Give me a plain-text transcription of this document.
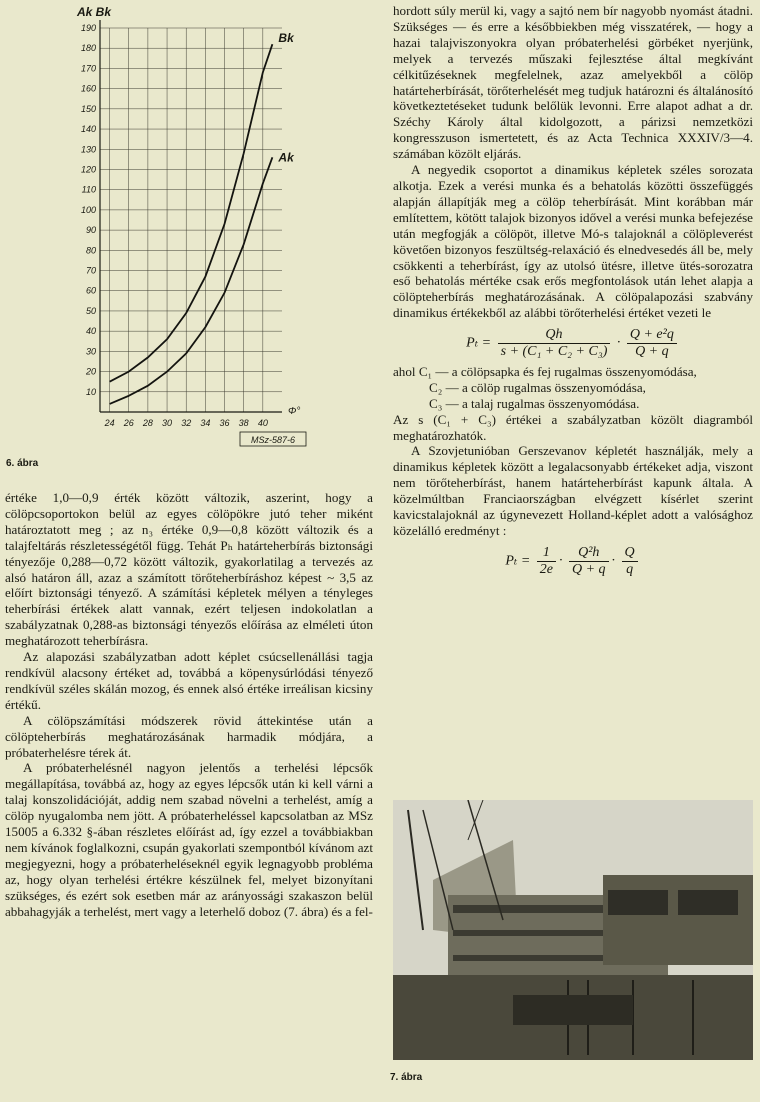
10
20
30
40
50
60
70
80
90
100
110
120
130
140
150
160
170
180
190
24 26 28 30 32 34 36 38 40
Ak Bk
Φ°
MSz-587-6
Bk
Ak
6. ábra

értéke 1,0—0,9 érték között változik, aszerint, hogy a cölöpcsoportokon belül az egyes cölöpökre jutó teher miként határoztatott meg ; az n₃ értéke 0,9—0,8 között változik és a talajfeltárás részletességétől függ. Tehát Pₕ határteherbírás biztonsági tényezője 0,288—0,72 között változik, gyakorlatilag a tervezés az alsó határon áll, azaz a számított törőteherbíráshoz képest ~ 3,5 az előírt biztonsági tényező. A számítási képletek mélyen a tényleges teherbírási értékek alatt vannak, ezért teljesen indokolatlan a szabályzatnak 0,288-as biztonsági tényezős előírása az elméleti úton meghatározott teherbírásra.

Az alapozási szabályzatban adott képlet csúcsellenállási tagja rendkívül alacsony értéket ad, továbbá a köpenysúrlódási tényező rendkívül széles skálán mozog, és ennek alsó értéke irreálisan kicsiny értékű.

A cölöpszámítási módszerek rövid áttekintése után a cölöpteherbírás meghatározásának harmadik módjára, a próbaterhelésre térek át.

A próbaterhelésnél nagyon jelentős a terhelési lépcsők megállapítása, továbbá az, hogy az egyes lépcsők után ki kell várni a talaj konszolidációját, addig nem szabad növelni a terhelést, amíg a cölöp nyugalomba nem jött. A próbaterheléssel kapcsolatban az MSz 15005 a 6.332 §-ában részletes előírást ad, így ezzel a továbbiakban nem kívánok foglalkozni, csupán gyakorlati szempontból kívánom azt megjegyezni, hogy a próbaterheléseknél egyik legnagyobb probléma az, hogy olyan terhelési értékre készülnek fel, melyet bizonyítani szükséges, és ezért sok esetben már az arányossági szakaszon belül abbahagyják a terhelést, mert vagy a leterhelő doboz (7. ábra) és a fel-

hordott súly merül ki, vagy a sajtó nem bír nagyobb nyomást átadni. Szükséges — és erre a későbbiekben még visszatérek, — hogy a hazai talajviszonyokra olyan próbaterhelési görbéket nyerjünk, melyek a tervezés műszaki fejlesztése által megkívánt célkitűzéseknek megfelelnek, azaz amelyekből a cölöp határteherbírását, törőterhelését meg tudjuk határozni és általánosító következtetéseket tudunk belőlük levonni. Erre alapot adhat a dr. Széchy Károly által kidolgozott, a párizsi nemzetközi kongresszuson ismertetett, és az Acta Technica XXXIV/3—4. számában közölt eljárás.

A negyedik csoportot a dinamikus képletek széles sorozata alkotja. Ezek a verési munka és a behatolás közötti összefüggés alapján állapítják meg a cölöp teherbírását. Mint korábban már említettem, kötött talajok bizonyos idővel a verési munka befejezése után megfogják a cölöpöt, illetve Mó-s talajoknál a cölöpleverést követően bizonyos feszültség-relaxáció és elnedvesedés áll be, mely csökkenti a teherbírást, így az utolsó ütésre, illetve ütés-sorozatra eső behatolás mértéke csak erős megfontolások után lehet alapja a cölöpteherbírás meghatározásának. A cölöpalapozási szabvány dinamikus értékekből az alábbi törőterhelési értéket vezeti le

$P_t = \frac{Qh}{\text{s + (C₁ + C₂ + C₃)}} \cdot \frac{\text{Q + e²q}}{Q + q}$
ahol C₁ — a cölöpsapka és fej rugalmas összenyomódása,
C₂ — a cölöp rugalmas összenyomódása,
C₃ — a talaj rugalmas összenyomódása.

Az s (C₁ + C₃) értékei a szabályzatban közölt diagramból meghatározhatók.

A Szovjetunióban Gerszevanov képletét használják, mely a dinamikus képletek között a legalacsonyabb értékeket adja, viszont nem törőteherbírást, hanem határteherbírást kapunk általa. A közelmúltban Franciaországban elvégzett kísérlet szerint kavicstalajoknál az úgynevezett Holland-képlet adott a valósághoz közelálló eredményt :

$P_t = \frac{1}{2e} \cdot \frac{\text{Q²h}}{Q + q} \cdot \frac{Q}{q}$
7. ábra
